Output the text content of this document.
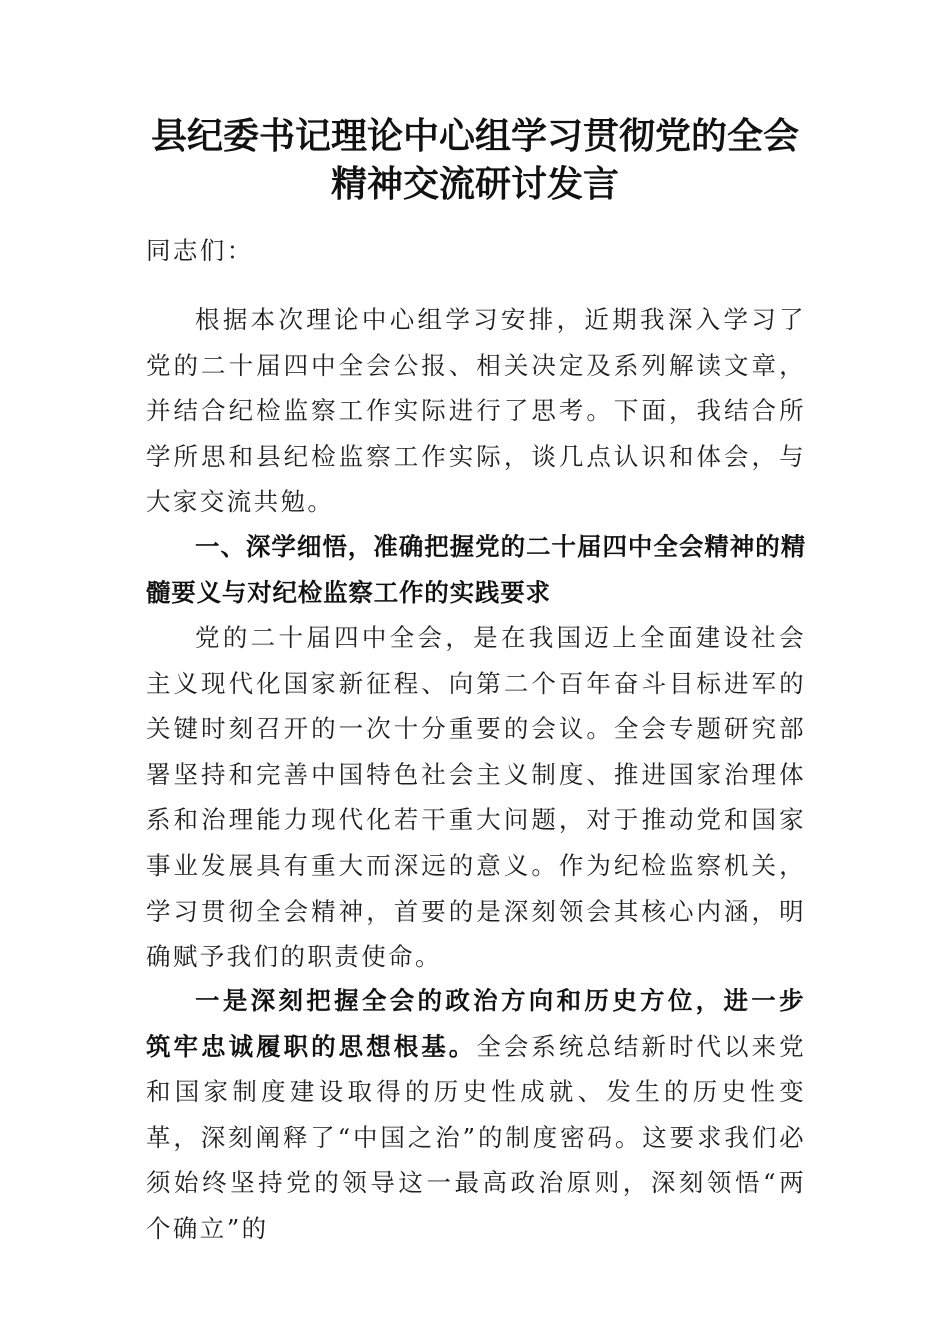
县纪委书记理论中心组学习贯彻党的全会
精神交流研讨发言

同志们：

根据本次理论中心组学习安排，近期我深入学习了党的二十届四中全会公报、相关决定及系列解读文章，并结合纪检监察工作实际进行了思考。下面，我结合所学所思和县纪检监察工作实际，谈几点认识和体会，与大家交流共勉。

一、深学细悟，准确把握党的二十届四中全会精神的精髓要义与对纪检监察工作的实践要求

党的二十届四中全会，是在我国迈上全面建设社会主义现代化国家新征程、向第二个百年奋斗目标进军的关键时刻召开的一次十分重要的会议。全会专题研究部署坚持和完善中国特色社会主义制度、推进国家治理体系和治理能力现代化若干重大问题，对于推动党和国家事业发展具有重大而深远的意义。作为纪检监察机关，学习贯彻全会精神，首要的是深刻领会其核心内涵，明确赋予我们的职责使命。

一是深刻把握全会的政治方向和历史方位，进一步筑牢忠诚履职的思想根基。全会系统总结新时代以来党和国家制度建设取得的历史性成就、发生的历史性变革，深刻阐释了“中国之治”的制度密码。这要求我们必须始终坚持党的领导这一最高政治原则，深刻领悟“两个确立”的
